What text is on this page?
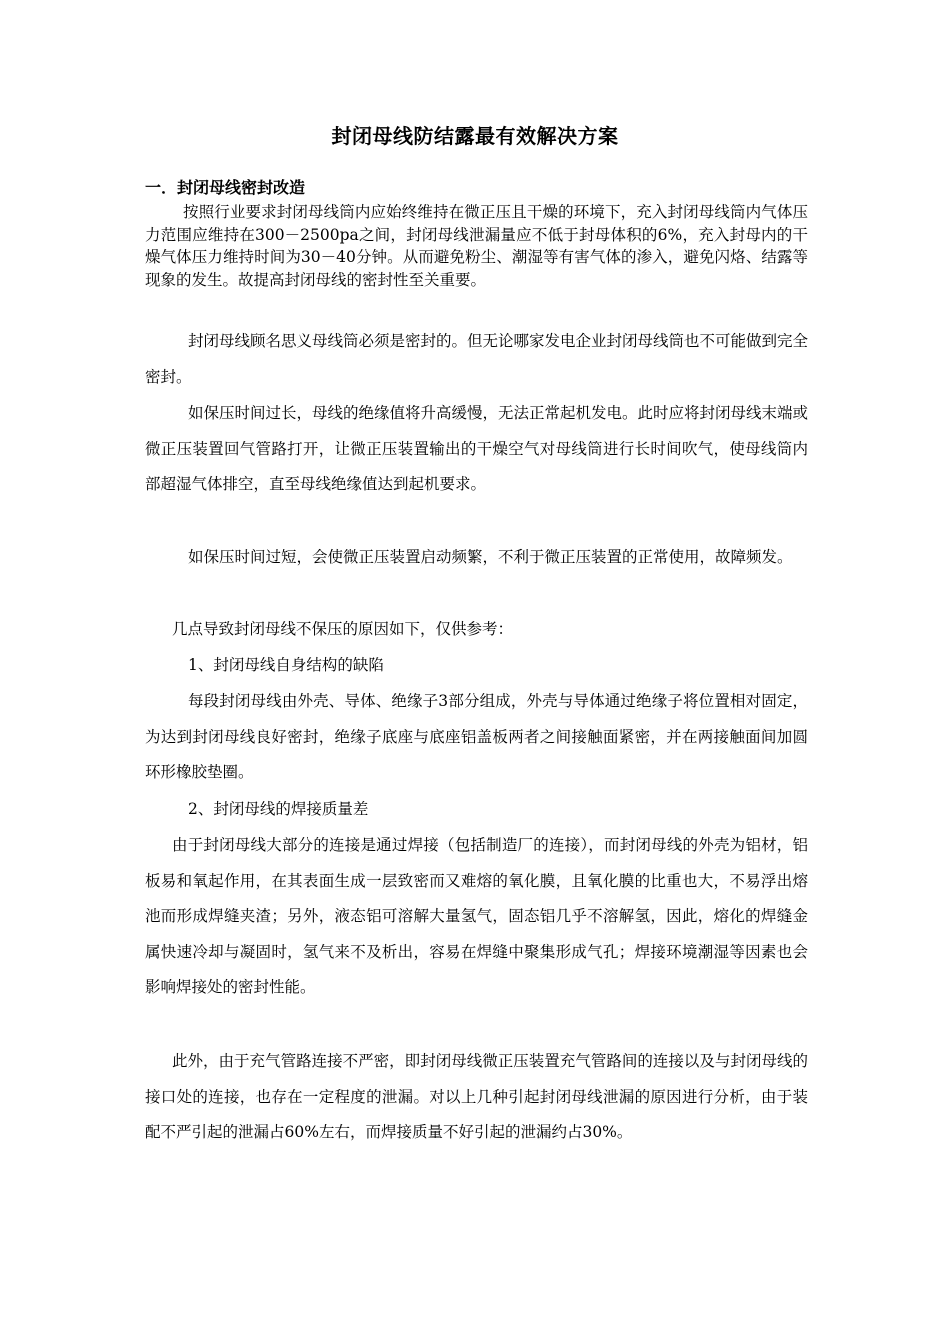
封闭母线防结露最有效解决方案
一．封闭母线密封改造

按照行业要求封闭母线筒内应始终维持在微正压且干燥的环境下，充入封闭母线筒内气体压力范围应维持在300－2500pa之间，封闭母线泄漏量应不低于封母体积的6%，充入封母内的干燥气体压力维持时间为30－40分钟。从而避免粉尘、潮湿等有害气体的渗入，避免闪烙、结露等现象的发生。故提高封闭母线的密封性至关重要。

封闭母线顾名思义母线筒必须是密封的。但无论哪家发电企业封闭母线筒也不可能做到完全密封。

如保压时间过长，母线的绝缘值将升高缓慢，无法正常起机发电。此时应将封闭母线末端或微正压装置回气管路打开，让微正压装置输出的干燥空气对母线筒进行长时间吹气，使母线筒内部超湿气体排空，直至母线绝缘值达到起机要求。

如保压时间过短，会使微正压装置启动频繁，不利于微正压装置的正常使用，故障频发。

几点导致封闭母线不保压的原因如下，仅供参考：

1、封闭母线自身结构的缺陷

每段封闭母线由外壳、导体、绝缘子3部分组成，外壳与导体通过绝缘子将位置相对固定，为达到封闭母线良好密封，绝缘子底座与底座铝盖板两者之间接触面紧密，并在两接触面间加圆环形橡胶垫圈。

2、封闭母线的焊接质量差

由于封闭母线大部分的连接是通过焊接（包括制造厂的连接），而封闭母线的外壳为铝材，铝板易和氧起作用，在其表面生成一层致密而又难熔的氧化膜，且氧化膜的比重也大，不易浮出熔池而形成焊缝夹渣；另外，液态铝可溶解大量氢气，固态铝几乎不溶解氢，因此，熔化的焊缝金属快速冷却与凝固时，氢气来不及析出，容易在焊缝中聚集形成气孔；焊接环境潮湿等因素也会影响焊接处的密封性能。

此外，由于充气管路连接不严密，即封闭母线微正压装置充气管路间的连接以及与封闭母线的接口处的连接，也存在一定程度的泄漏。对以上几种引起封闭母线泄漏的原因进行分析，由于装配不严引起的泄漏占60%左右，而焊接质量不好引起的泄漏约占30%。
